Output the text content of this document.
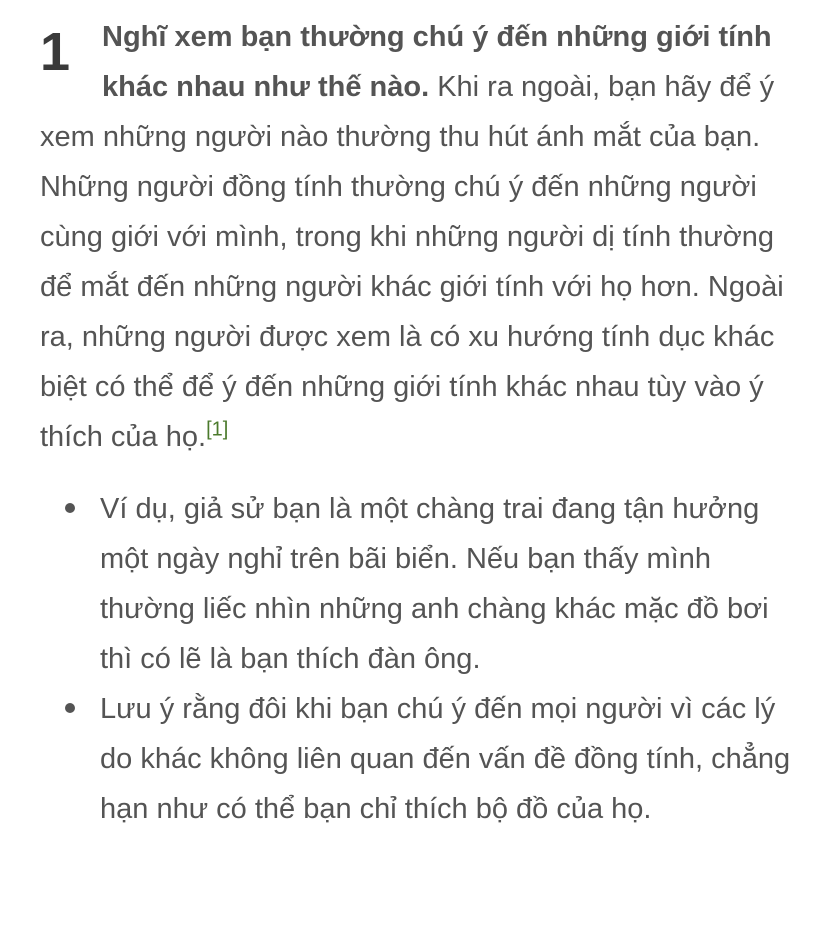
1	Nghĩ xem bạn thường chú ý đến những giới tính khác nhau như thế nào. Khi ra ngoài, bạn hãy để ý xem những người nào thường thu hút ánh mắt của bạn. Những người đồng tính thường chú ý đến những người cùng giới với mình, trong khi những người dị tính thường để mắt đến những người khác giới tính với họ hơn. Ngoài ra, những người được xem là có xu hướng tính dục khác biệt có thể để ý đến những giới tính khác nhau tùy vào ý thích của họ.[1]

Ví dụ, giả sử bạn là một chàng trai đang tận hưởng một ngày nghỉ trên bãi biển. Nếu bạn thấy mình thường liếc nhìn những anh chàng khác mặc đồ bơi thì có lẽ là bạn thích đàn ông.
Lưu ý rằng đôi khi bạn chú ý đến mọi người vì các lý do khác không liên quan đến vấn đề đồng tính, chẳng hạn như có thể bạn chỉ thích bộ đồ của họ.
